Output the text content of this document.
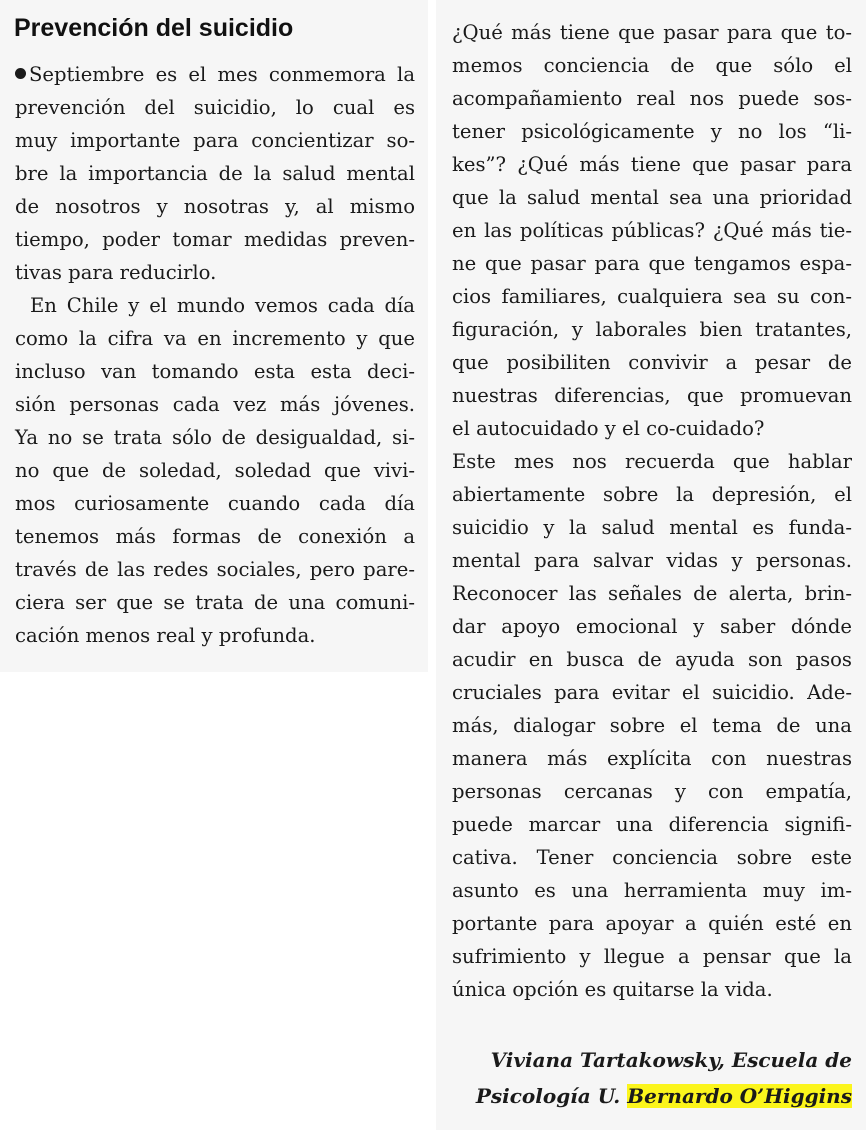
Prevención del suicidio
Septiembre es el mes conmemora la
prevención del suicidio, lo cual es
muy importante para concientizar so-
bre la importancia de la salud mental
de nosotros y nosotras y, al mismo
tiempo, poder tomar medidas preven-
tivas para reducirlo.
En Chile y el mundo vemos cada día
como la cifra va en incremento y que
incluso van tomando esta esta deci-
sión personas cada vez más jóvenes.
Ya no se trata sólo de desigualdad, si-
no que de soledad, soledad que vivi-
mos curiosamente cuando cada día
tenemos más formas de conexión a
través de las redes sociales, pero pare-
ciera ser que se trata de una comuni-
cación menos real y profunda.
¿Qué más tiene que pasar para que to-
memos conciencia de que sólo el
acompañamiento real nos puede sos-
tener psicológicamente y no los “li-
kes”? ¿Qué más tiene que pasar para
que la salud mental sea una prioridad
en las políticas públicas? ¿Qué más tie-
ne que pasar para que tengamos espa-
cios familiares, cualquiera sea su con-
figuración, y laborales bien tratantes,
que posibiliten convivir a pesar de
nuestras diferencias, que promuevan
el autocuidado y el co-cuidado?
Este mes nos recuerda que hablar
abiertamente sobre la depresión, el
suicidio y la salud mental es funda-
mental para salvar vidas y personas.
Reconocer las señales de alerta, brin-
dar apoyo emocional y saber dónde
acudir en busca de ayuda son pasos
cruciales para evitar el suicidio. Ade-
más, dialogar sobre el tema de una
manera más explícita con nuestras
personas cercanas y con empatía,
puede marcar una diferencia signifi-
cativa. Tener conciencia sobre este
asunto es una herramienta muy im-
portante para apoyar a quién esté en
sufrimiento y llegue a pensar que la
única opción es quitarse la vida.
Viviana Tartakowsky, Escuela de
Psicología U. Bernardo O’Higgins
